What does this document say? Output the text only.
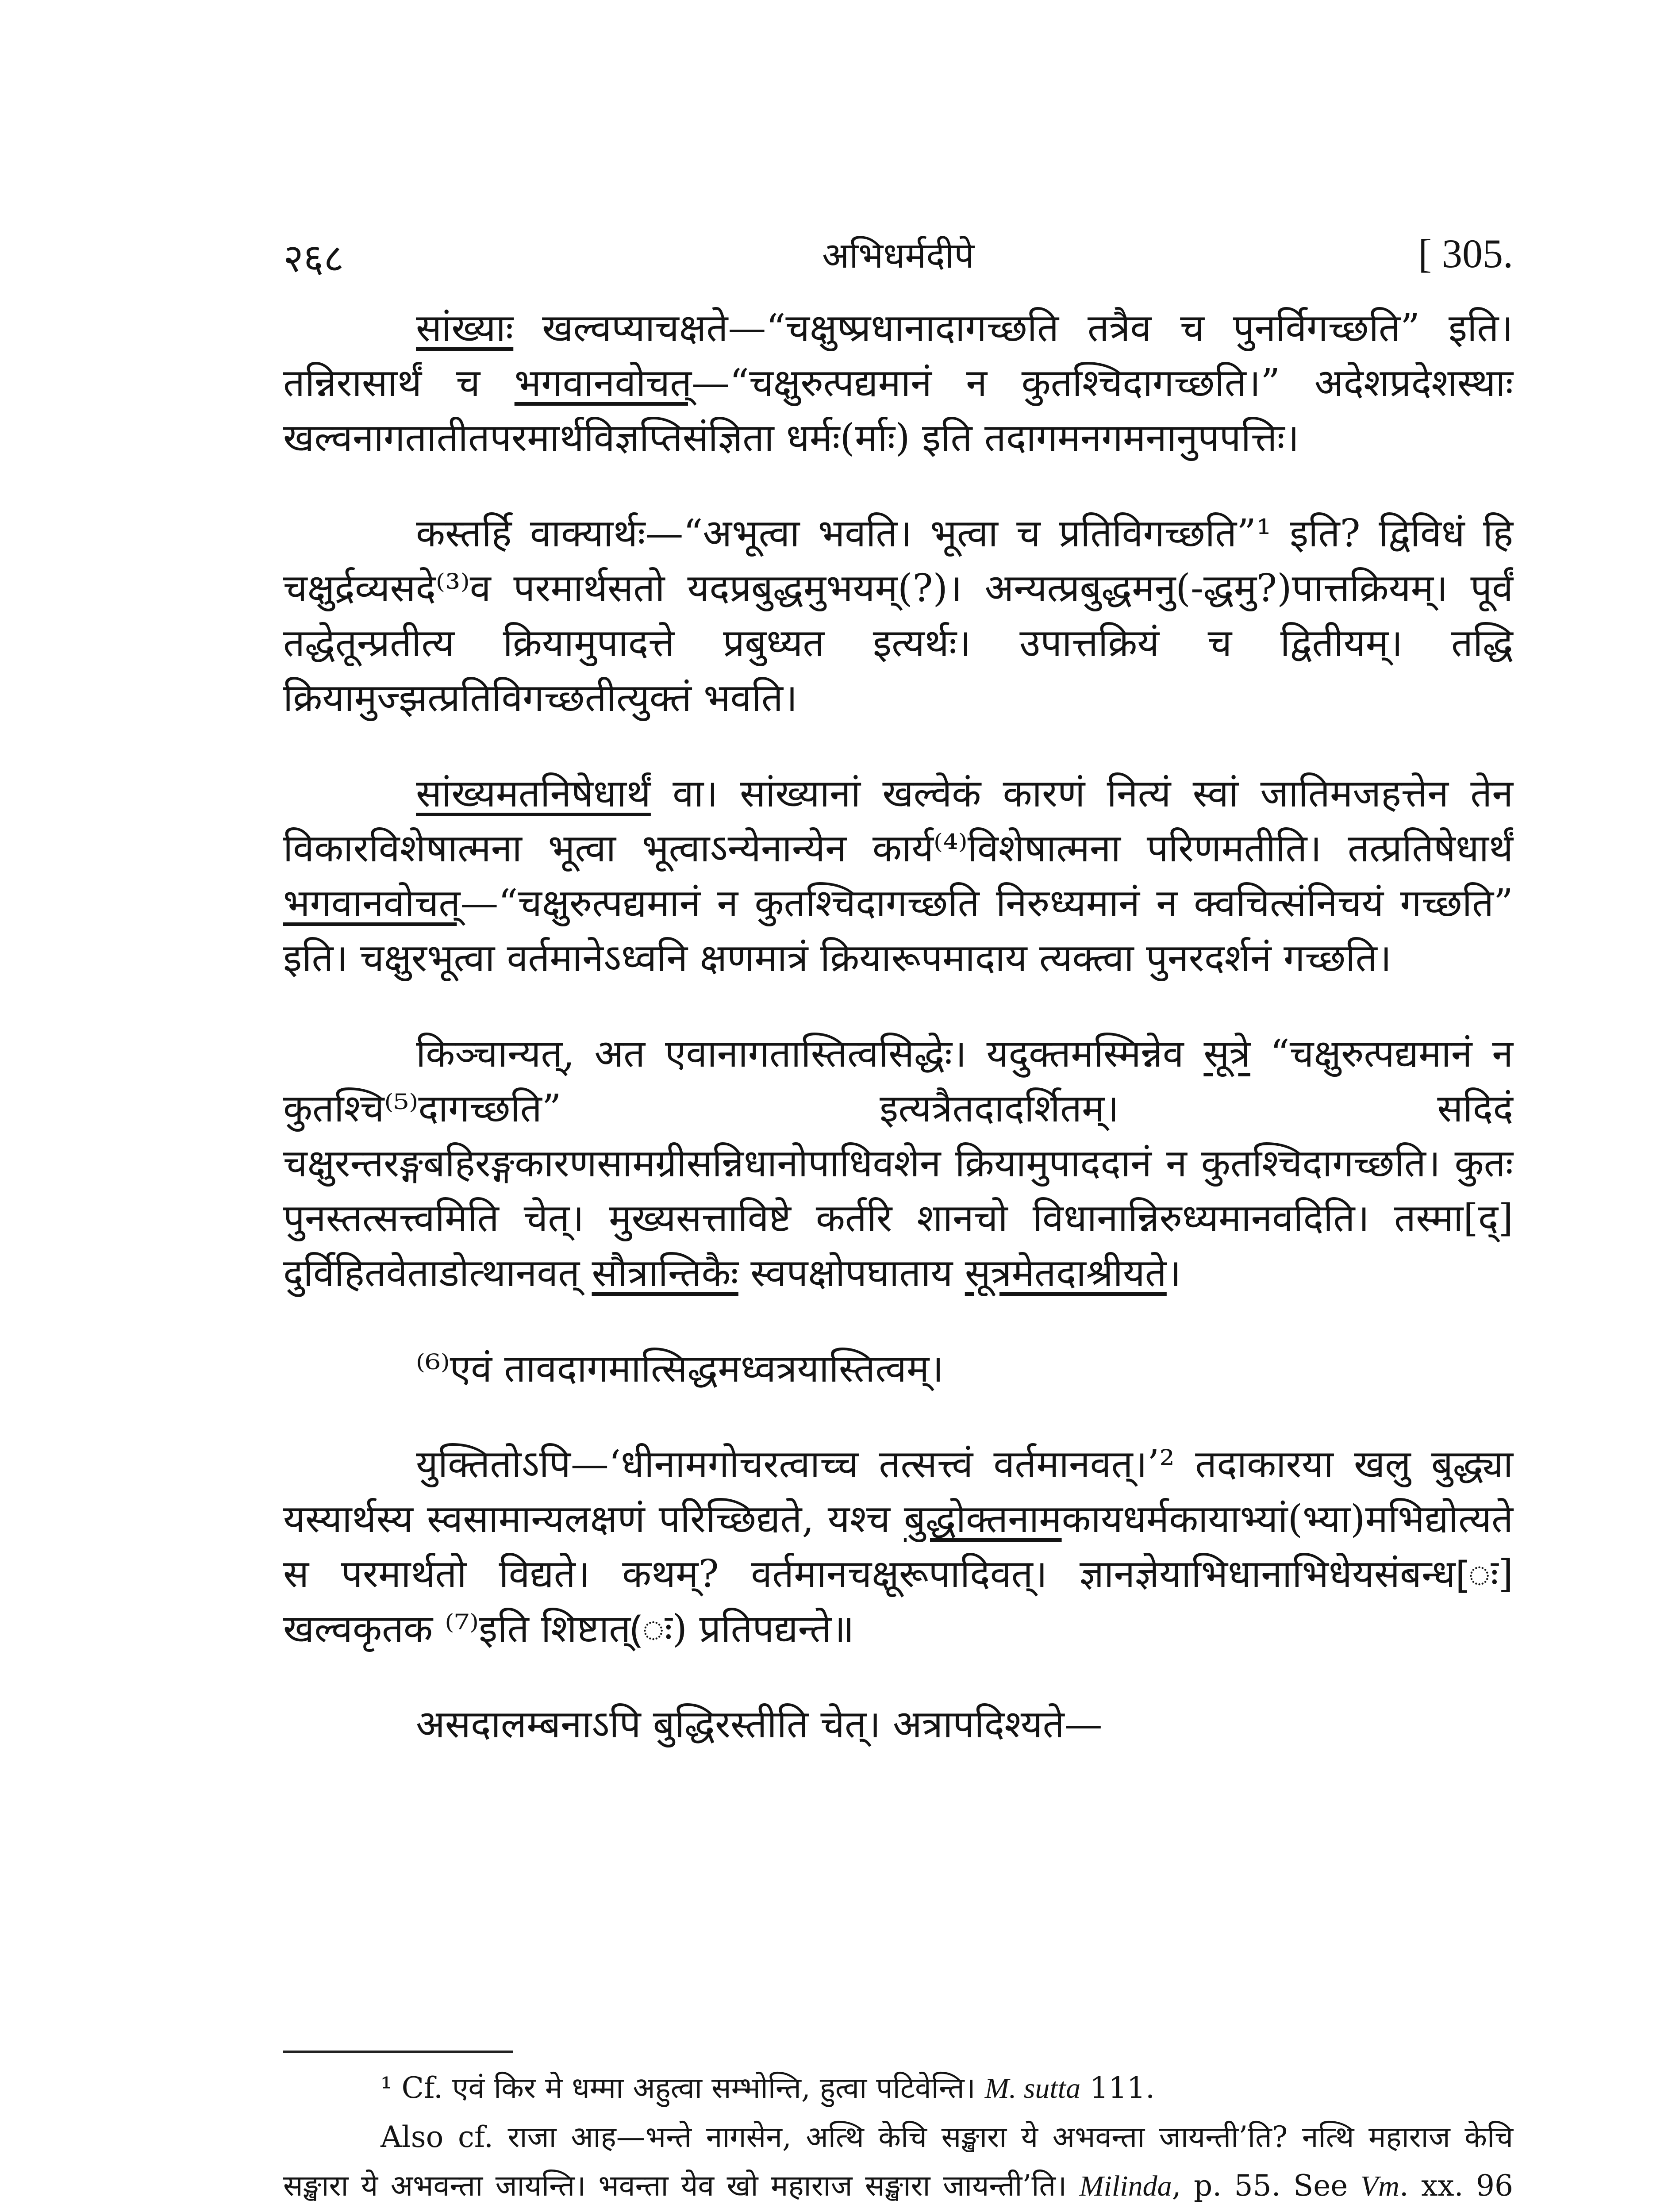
२६८	अभिधर्मदीपे	[ 305.

सांख्याः खल्वप्याचक्षते—“चक्षुष्प्रधानादागच्छति तत्रैव च पुनर्विगच्छति” इति। तन्निरासार्थं च भगवानवोचत्—“चक्षुरुत्पद्यमानं न कुतश्चिदागच्छति।” अदेशप्रदेशस्थाः खल्वनागतातीतपरमार्थविज्ञप्तिसंज्ञिता धर्मः(र्माः) इति तदागमनगमनानुपपत्तिः।

कस्तर्हि वाक्यार्थः—“अभूत्वा भवति। भूत्वा च प्रतिविगच्छति”¹ इति? द्विविधं हि चक्षुर्द्रव्यसदे⁽³⁾व परमार्थसतो यदप्रबुद्धमुभयम्(?)। अन्यत्प्रबुद्धमनु(-द्धमु?)पात्तक्रियम्। पूर्वं तद्धेतून्प्रतीत्य क्रियामुपादत्ते प्रबुध्यत इत्यर्थः। उपात्तक्रियं च द्वितीयम्। तद्धि क्रियामुज्झत्प्रतिविगच्छतीत्युक्तं भवति।

सांख्यमतनिषेधार्थं वा। सांख्यानां खल्वेकं कारणं नित्यं स्वां जातिमजहत्तेन तेन विकारविशेषात्मना भूत्वा भूत्वाऽन्येनान्येन कार्य⁽⁴⁾विशेषात्मना परिणमतीति। तत्प्रतिषेधार्थं भगवानवोचत्—“चक्षुरुत्पद्यमानं न कुतश्चिदागच्छति निरुध्यमानं न क्वचित्संनिचयं गच्छति” इति। चक्षुरभूत्वा वर्तमानेऽध्वनि क्षणमात्रं क्रियारूपमादाय त्यक्त्वा पुनरदर्शनं गच्छति।

किञ्चान्यत्, अत एवानागतास्तित्वसिद्धेः। यदुक्तमस्मिन्नेव सूत्रे “चक्षुरुत्पद्यमानं न कुतश्चि⁽⁵⁾दागच्छति” इत्यत्रैतदादर्शितम्। सदिदं चक्षुरन्तरङ्गबहिरङ्गकारणसामग्रीसन्निधानोपाधिवशेन क्रियामुपाददानं न कुतश्चिदागच्छति। कुतः पुनस्तत्सत्त्वमिति चेत्। मुख्यसत्ताविष्टे कर्तरि शानचो विधानान्निरुध्यमानवदिति। तस्मा[द्] दुर्विहितवेताडोत्थानवत् सौत्रान्तिकैः स्वपक्षोपघाताय सूत्रमेतदाश्रीयते।

⁽⁶⁾एवं तावदागमात्सिद्धमध्वत्रयास्तित्वम्।

युक्तितोऽपि—‘धीनामगोचरत्वाच्च तत्सत्त्वं वर्तमानवत्।’² तदाकारया खलु बुद्ध्या यस्यार्थस्य स्वसामान्यलक्षणं परिच्छिद्यते, यश्च बुद्धोक्तनामकायधर्मकायाभ्यां(भ्या)मभिद्योत्यते स परमार्थतो विद्यते। कथम्? वर्तमानचक्षूरूपादिवत्। ज्ञानज्ञेयाभिधानाभिधेयसंबन्ध[ः] खल्वकृतक ⁽⁷⁾इति शिष्टात्(ः) प्रतिपद्यन्ते॥

असदालम्बनाऽपि बुद्धिरस्तीति चेत्। अत्रापदिश्यते—

¹ Cf. एवं किर मे धम्मा अहुत्वा सम्भोन्ति, हुत्वा पटिवेन्ति। M. sutta 111.

Also cf. राजा आह—भन्ते नागसेन, अत्थि केचि सङ्खारा ये अभवन्ता जायन्ती’ति? नत्थि महाराज केचि सङ्खारा ये अभवन्ता जायन्ति। भवन्ता येव खो महाराज सङ्खारा जायन्ती’ति। Milinda, p. 55. See Vm. xx. 96
